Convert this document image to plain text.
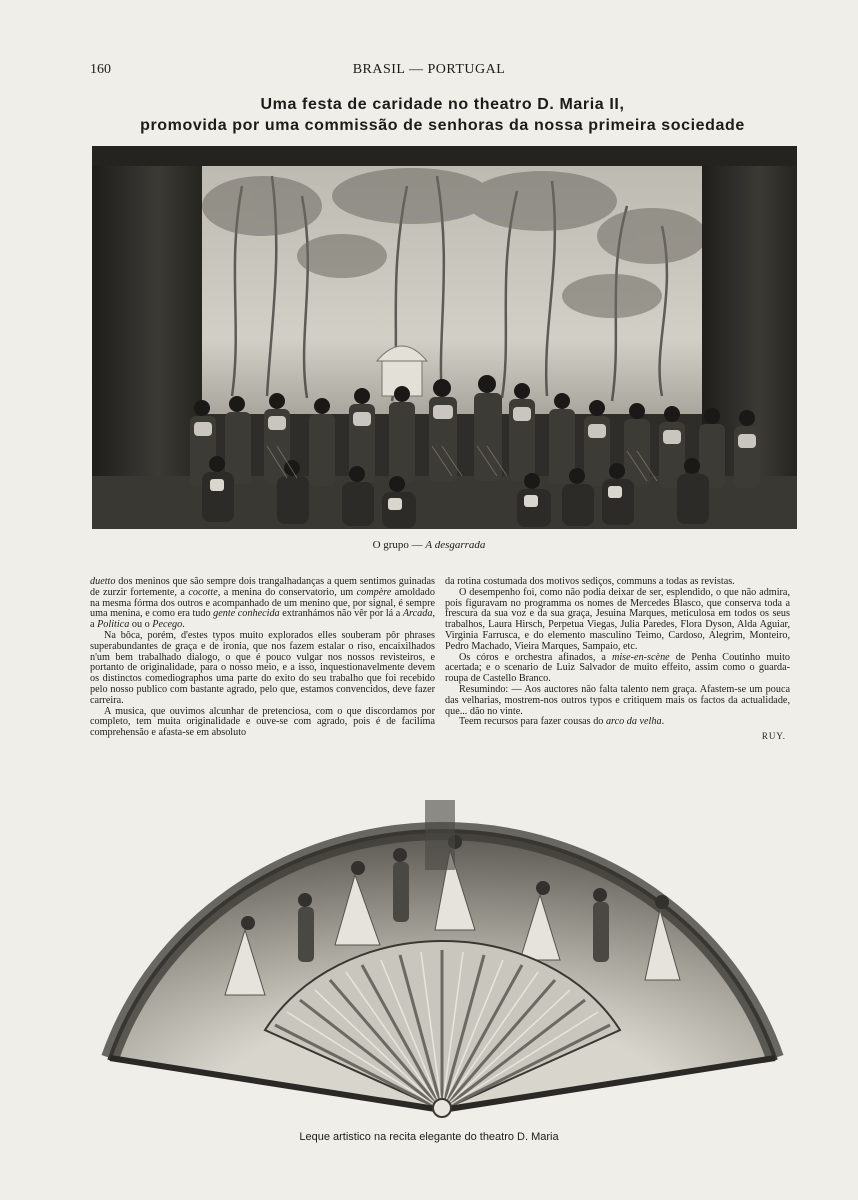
160	BRASIL — PORTUGAL
Uma festa de caridade no theatro D. Maria II,
promovida por uma commissão de senhoras da nossa primeira sociedade
O grupo — A desgarrada

duetto dos meninos que são sempre dois trangalhadanças a quem sentimos guinadas de zurzir fortemente, a cocotte, a menina do conservatorio, um compère amoldado na mesma fórma dos outros e acompanhado de um menino que, por signal, é sempre uma menina, e como era tudo gente conhecida extranhámos não vêr por lá a Arcada, a Politica ou o Pecego.

Na bôca, porém, d'estes typos muito explorados elles souberam pôr phrases superabundantes de graça e de ironia, que nos fazem estalar o riso, encaixilhados n'um bem trabalhado dialogo, o que é pouco vulgar nos nossos revisteiros, e portanto de originalidade, para o nosso meio, e a isso, inquestionavelmente devem os distinctos comediographos uma parte do exito do seu trabalho que foi recebido pelo nosso publico com bastante agrado, pelo que, estamos convencidos, deve fazer carreira.

A musica, que ouvimos alcunhar de pretenciosa, com o que discordamos por completo, tem muita originalidade e ouve-se com agrado, pois é de facilima comprehensão e afasta-se em absoluto

da rotina costumada dos motivos sediços, communs a todas as revistas.

O desempenho foi, como não podia deixar de ser, esplendido, o que não admira, pois figuravam no programma os nomes de Mercedes Blasco, que conserva toda a frescura da sua voz e da sua graça, Jesuina Marques, meticulosa em todos os seus trabalhos, Laura Hirsch, Perpetua Viegas, Julia Paredes, Flora Dyson, Alda Aguiar, Virginia Farrusca, e do elemento masculino Teimo, Cardoso, Alegrim, Monteiro, Pedro Machado, Vieira Marques, Sampaio, etc.

Os córos e orchestra afinados, a mise-en-scène de Penha Coutinho muito acertada; e o scenario de Luiz Salvador de muito effeito, assim como o guarda-roupa de Castello Branco.

Resumindo: — Aos auctores não falta talento nem graça. Afastem-se um pouca das velharias, mostrem-nos outros typos e critiquem mais os factos da actualidade, que... dão no vinte.

Teem recursos para fazer cousas do arco da velha.

RUY.
Leque artistico na recita elegante do theatro D. Maria
